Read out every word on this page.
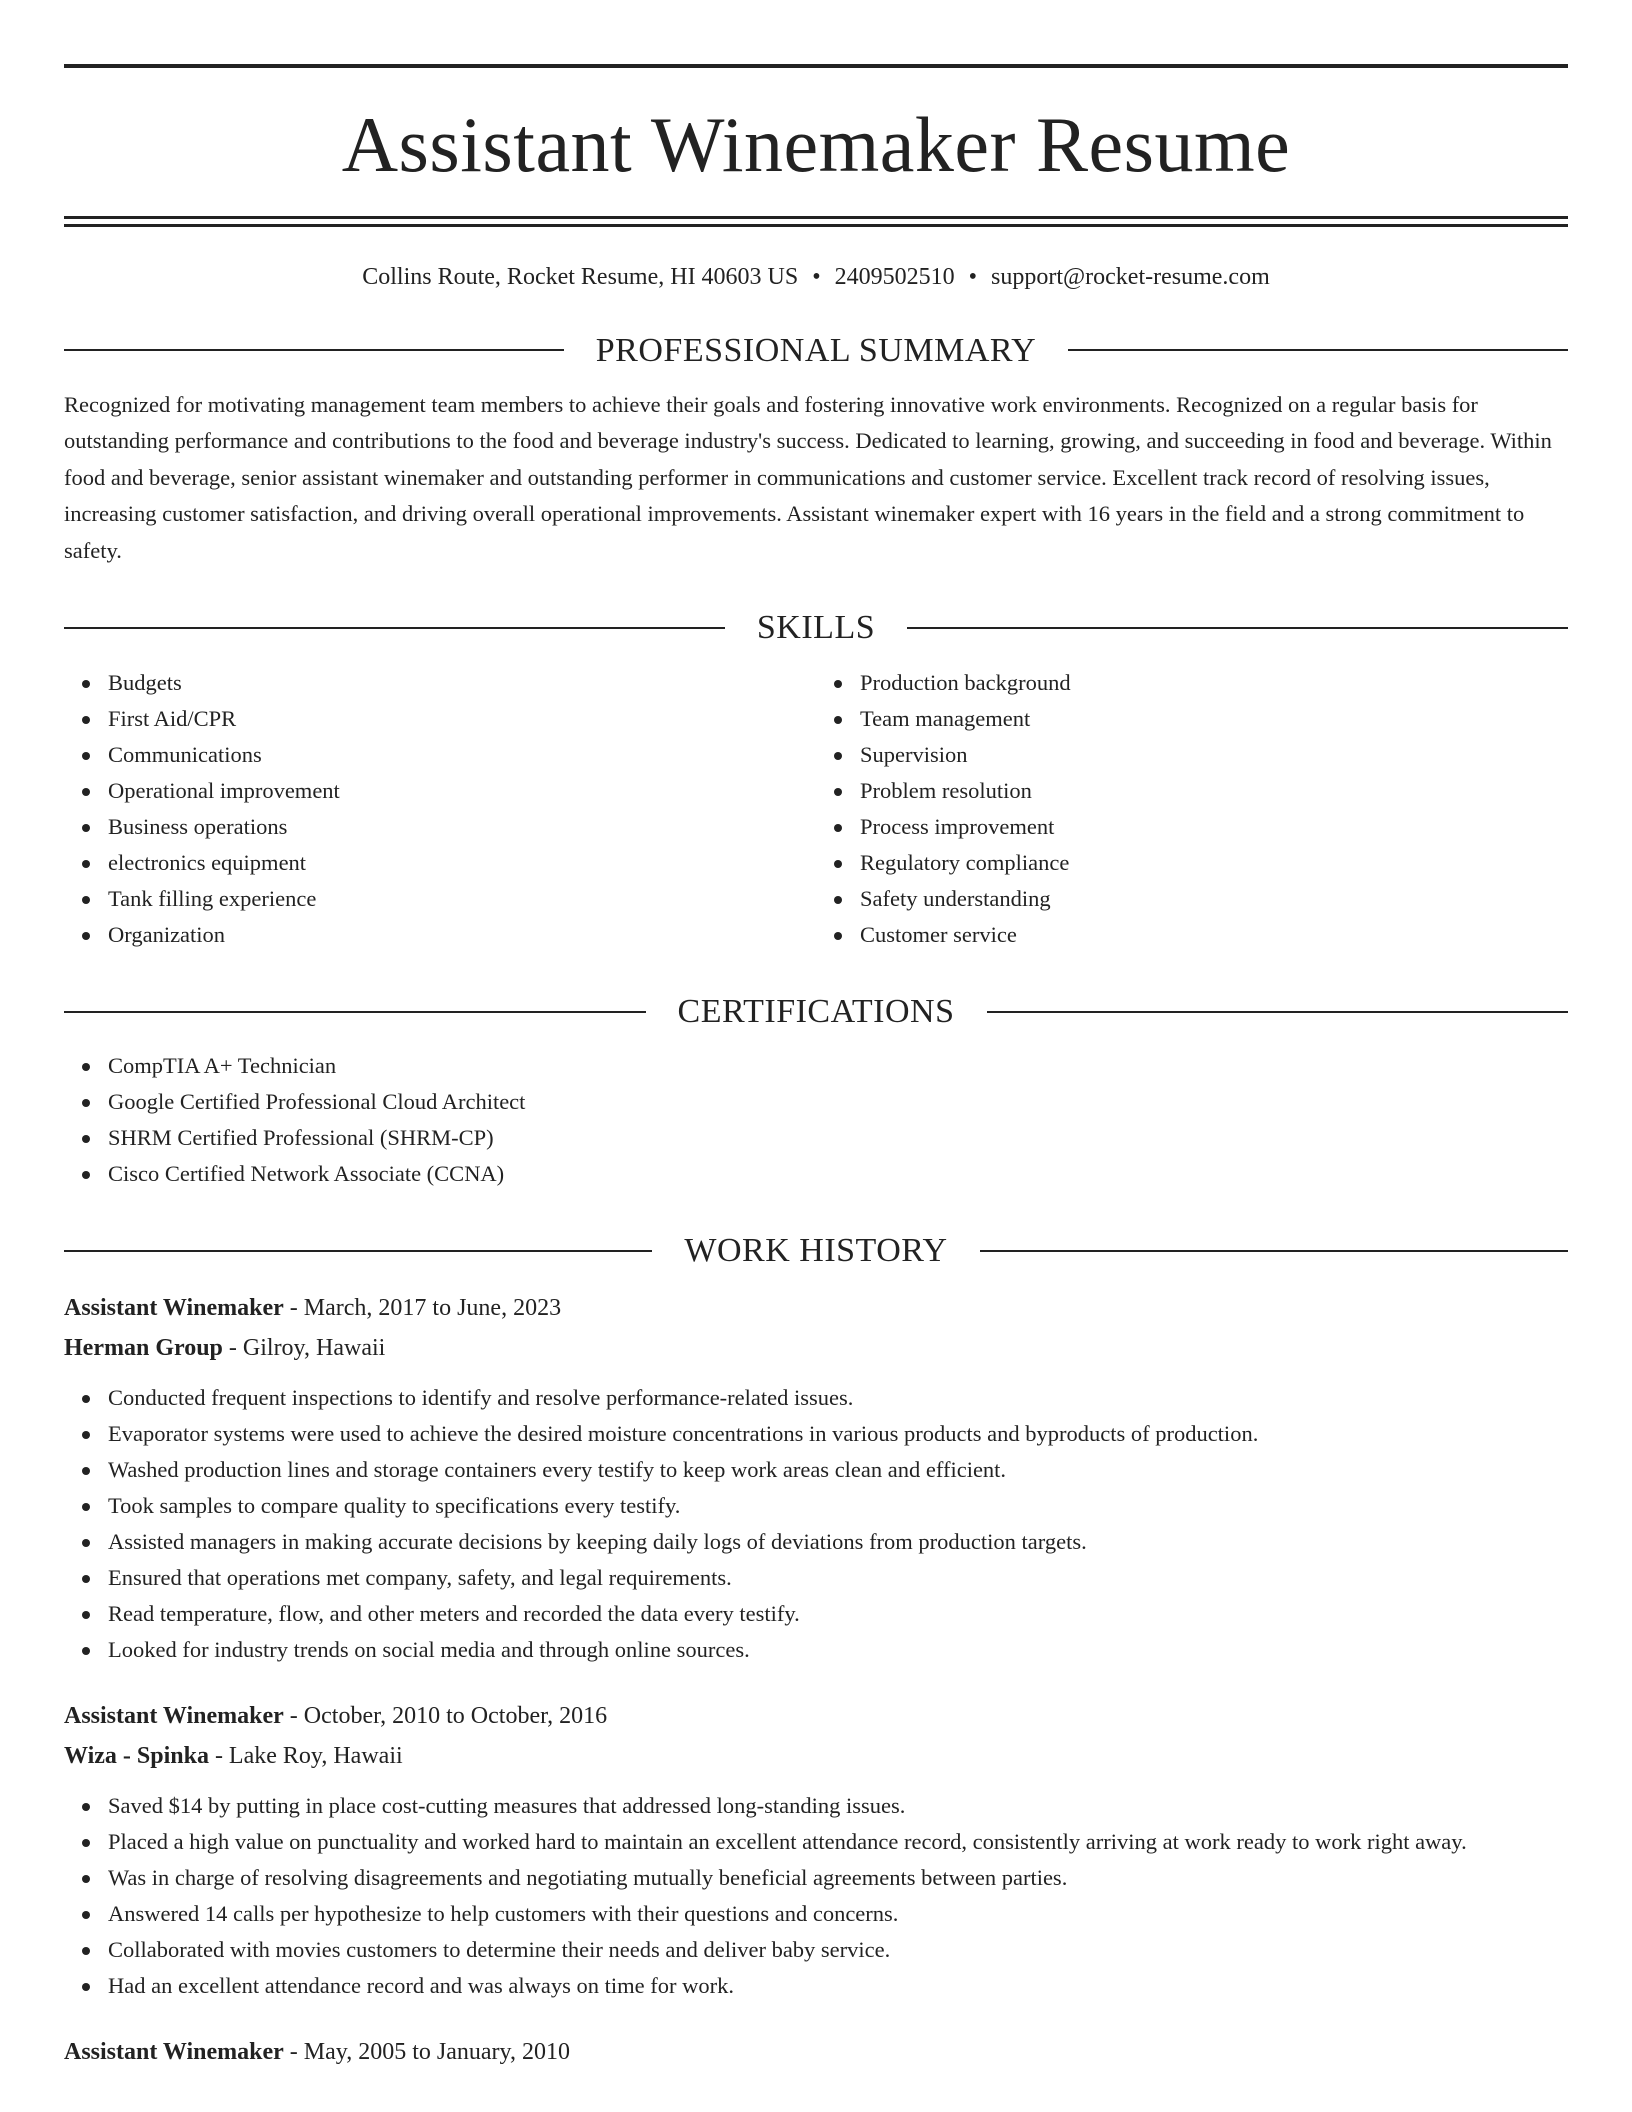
Assistant Winemaker Resume
Collins Route, Rocket Resume, HI 40603 US • 2409502510 • support@rocket-resume.com
PROFESSIONAL SUMMARY

Recognized for motivating management team members to achieve their goals and fostering innovative work environments. Recognized on a regular basis for outstanding performance and contributions to the food and beverage industry's success. Dedicated to learning, growing, and succeeding in food and beverage. Within food and beverage, senior assistant winemaker and outstanding performer in communications and customer service. Excellent track record of resolving issues, increasing customer satisfaction, and driving overall operational improvements. Assistant winemaker expert with 16 years in the field and a strong commitment to safety.

SKILLS
Budgets
First Aid/CPR
Communications
Operational improvement
Business operations
electronics equipment
Tank filling experience
Organization
Production background
Team management
Supervision
Problem resolution
Process improvement
Regulatory compliance
Safety understanding
Customer service
CERTIFICATIONS
CompTIA A+ Technician
Google Certified Professional Cloud Architect
SHRM Certified Professional (SHRM-CP)
Cisco Certified Network Associate (CCNA)
WORK HISTORY
Assistant Winemaker - March, 2017 to June, 2023
Herman Group - Gilroy, Hawaii
Conducted frequent inspections to identify and resolve performance-related issues.
Evaporator systems were used to achieve the desired moisture concentrations in various products and byproducts of production.
Washed production lines and storage containers every testify to keep work areas clean and efficient.
Took samples to compare quality to specifications every testify.
Assisted managers in making accurate decisions by keeping daily logs of deviations from production targets.
Ensured that operations met company, safety, and legal requirements.
Read temperature, flow, and other meters and recorded the data every testify.
Looked for industry trends on social media and through online sources.
Assistant Winemaker - October, 2010 to October, 2016
Wiza - Spinka - Lake Roy, Hawaii
Saved $14 by putting in place cost-cutting measures that addressed long-standing issues.
Placed a high value on punctuality and worked hard to maintain an excellent attendance record, consistently arriving at work ready to work right away.
Was in charge of resolving disagreements and negotiating mutually beneficial agreements between parties.
Answered 14 calls per hypothesize to help customers with their questions and concerns.
Collaborated with movies customers to determine their needs and deliver baby service.
Had an excellent attendance record and was always on time for work.
Assistant Winemaker - May, 2005 to January, 2010
